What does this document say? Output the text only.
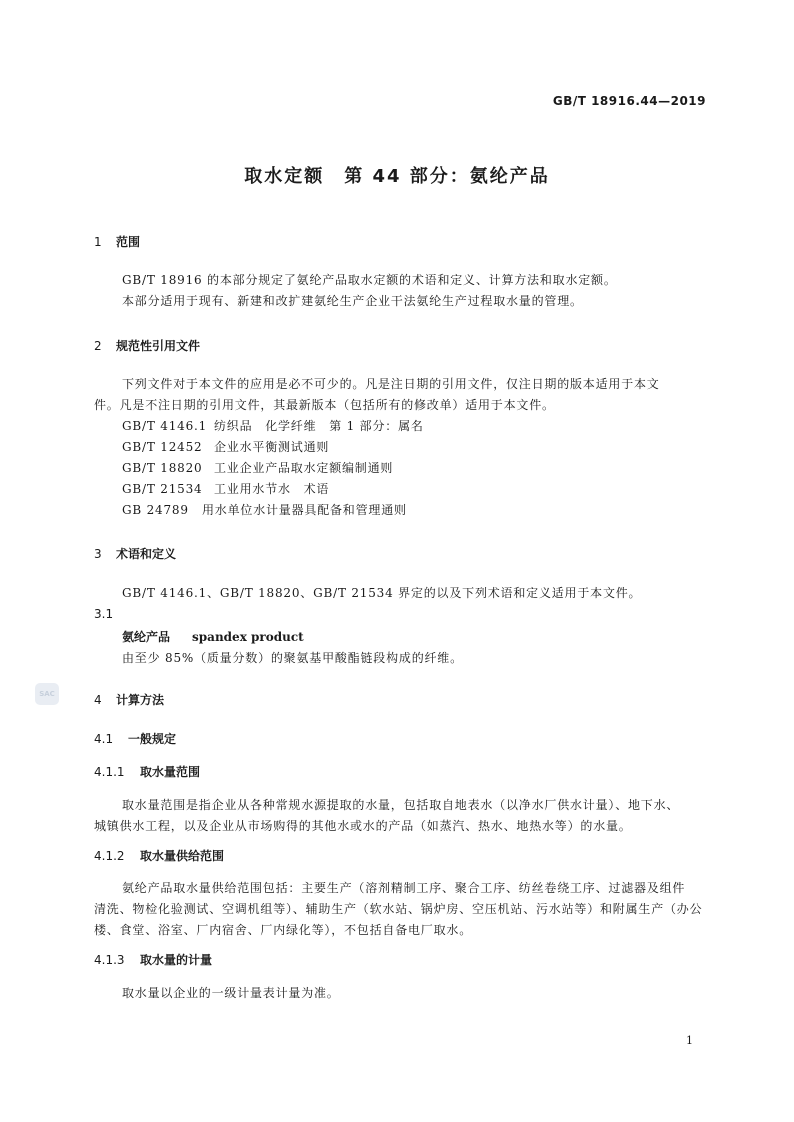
GB/T 18916.44—2019
取水定额　第 44 部分：氨纶产品
1 范围
GB/T 18916 的本部分规定了氨纶产品取水定额的术语和定义、计算方法和取水定额。
本部分适用于现有、新建和改扩建氨纶生产企业干法氨纶生产过程取水量的管理。
2 规范性引用文件
下列文件对于本文件的应用是必不可少的。凡是注日期的引用文件，仅注日期的版本适用于本文
件。凡是不注日期的引用文件，其最新版本（包括所有的修改单）适用于本文件。
GB/T 4146.1 纺织品　化学纤维　第 1 部分：属名
GB/T 12452 企业水平衡测试通则
GB/T 18820 工业企业产品取水定额编制通则
GB/T 21534 工业用水节水　术语
GB 24789 用水单位水计量器具配备和管理通则
3 术语和定义
GB/T 4146.1、GB/T 18820、GB/T 21534 界定的以及下列术语和定义适用于本文件。
3.1
氨纶产品 spandex product
由至少 85%（质量分数）的聚氨基甲酸酯链段构成的纤维。
SAC	4 计算方法
4.1 一般规定
4.1.1 取水量范围
取水量范围是指企业从各种常规水源提取的水量，包括取自地表水（以净水厂供水计量）、地下水、
城镇供水工程，以及企业从市场购得的其他水或水的产品（如蒸汽、热水、地热水等）的水量。
4.1.2 取水量供给范围
氨纶产品取水量供给范围包括：主要生产（溶剂精制工序、聚合工序、纺丝卷绕工序、过滤器及组件
清洗、物检化验测试、空调机组等）、辅助生产（软水站、锅炉房、空压机站、污水站等）和附属生产（办公
楼、食堂、浴室、厂内宿舍、厂内绿化等），不包括自备电厂取水。
4.1.3 取水量的计量
取水量以企业的一级计量表计量为准。
1
